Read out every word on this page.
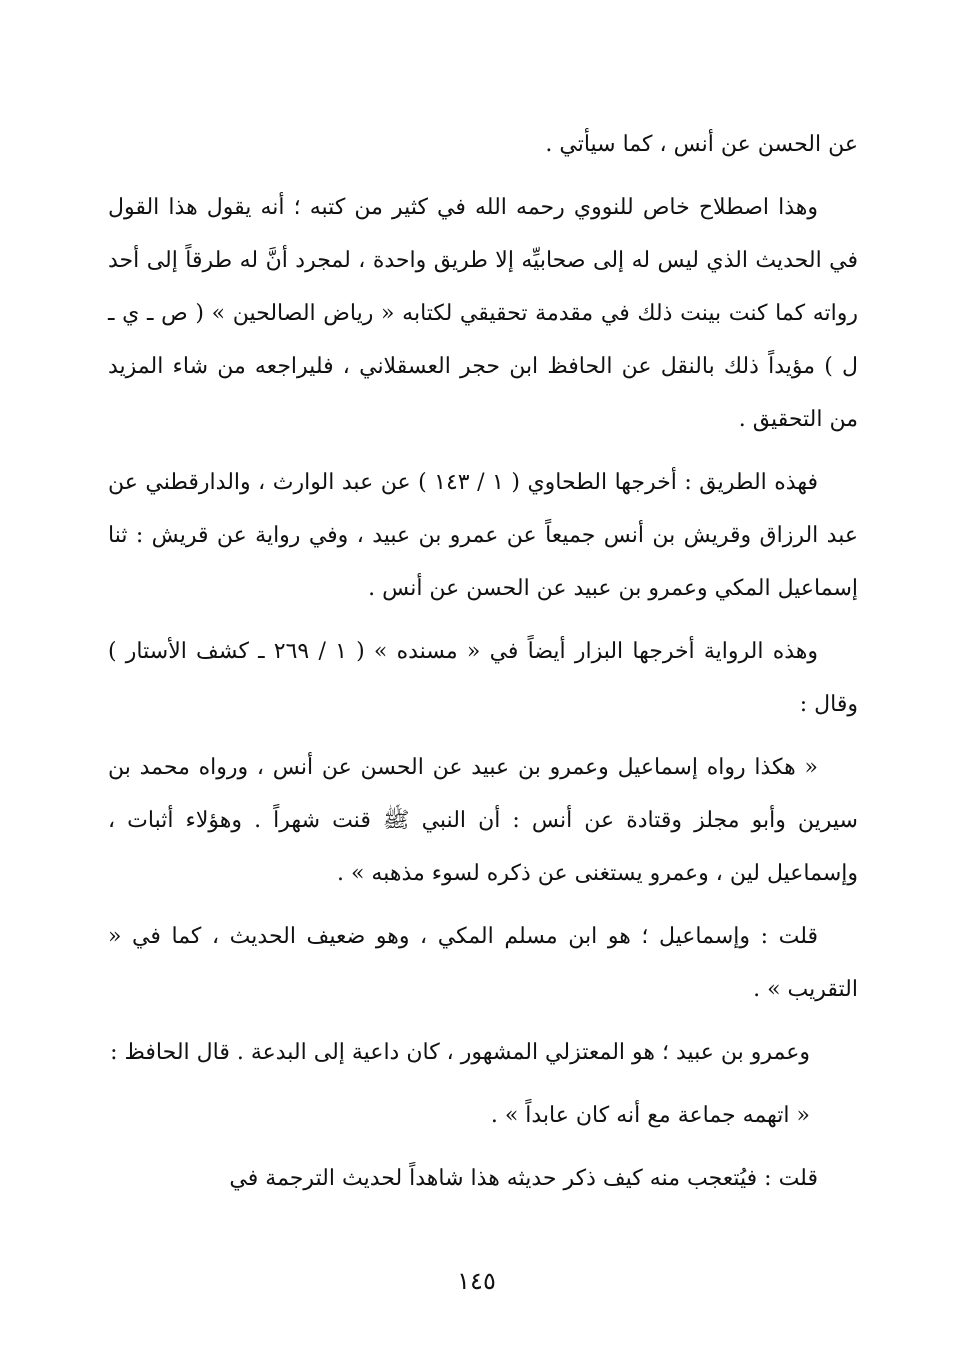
عن الحسن عن أنس ، كما سيأتي .

وهذا اصطلاح خاص للنووي رحمه الله في كثير من كتبه ؛ أنه يقول هذا القول في الحديث الذي ليس له إلى صحابيِّه إلا طريق واحدة ، لمجرد أنَّ له طرقاً إلى أحد رواته كما كنت بينت ذلك في مقدمة تحقيقي لكتابه « رياض الصالحين » ( ص ـ ي ـ ل ) مؤيداً ذلك بالنقل عن الحافظ ابن حجر العسقلاني ، فليراجعه من شاء المزيد من التحقيق .

فهذه الطريق : أخرجها الطحاوي ( ١ / ١٤٣ ) عن عبد الوارث ، والدارقطني عن عبد الرزاق وقريش بن أنس جميعاً عن عمرو بن عبيد ، وفي رواية عن قريش : ثنا إسماعيل المكي وعمرو بن عبيد عن الحسن عن أنس .

وهذه الرواية أخرجها البزار أيضاً في « مسنده » ( ١ / ٢٦٩ ـ كشف الأستار ) وقال :

« هكذا رواه إسماعيل وعمرو بن عبيد عن الحسن عن أنس ، ورواه محمد بن سيرين وأبو مجلز وقتادة عن أنس : أن النبي ﷺ قنت شهراً . وهؤلاء أثبات ، وإسماعيل لين ، وعمرو يستغنى عن ذكره لسوء مذهبه » .

قلت : وإسماعيل ؛ هو ابن مسلم المكي ، وهو ضعيف الحديث ، كما في « التقريب » .

وعمرو بن عبيد ؛ هو المعتزلي المشهور ، كان داعية إلى البدعة . قال الحافظ :

« اتهمه جماعة مع أنه كان عابداً » .

قلت : فيُتعجب منه كيف ذكر حديثه هذا شاهداً لحديث الترجمة في

١٤٥
